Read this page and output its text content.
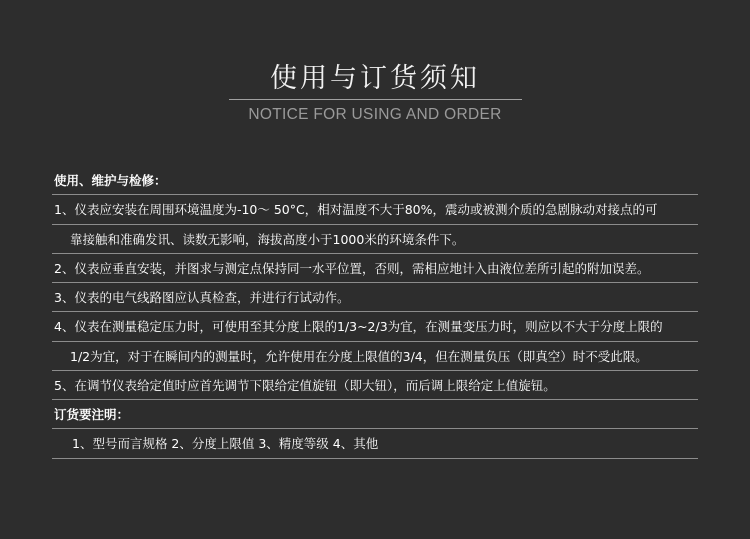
使用与订货须知
NOTICE FOR USING AND ORDER
使用、维护与检修：
1、仪表应安装在周围环境温度为-10～ 50°C，相对温度不大于80%，震动或被测介质的急剧脉动对接点的可
靠接触和准确发讯、读数无影响，海拔高度小于1000米的环境条件下。
2、仪表应垂直安装，并图求与测定点保持同一水平位置，否则，需相应地计入由液位差所引起的附加误差。
3、仪表的电气线路图应认真检查，并进行行试动作。
4、仪表在测量稳定压力时，可使用至其分度上限的1/3~2/3为宜，在测量变压力时，则应以不大于分度上限的
1/2为宜，对于在瞬间内的测量时，允许使用在分度上限值的3/4，但在测量负压（即真空）时不受此限。
5、在调节仪表给定值时应首先调节下限给定值旋钮（即大钮），而后调上限给定上值旋钮。
订货要注明：
1、型号而言规格 2、分度上限值 3、精度等级 4、其他
